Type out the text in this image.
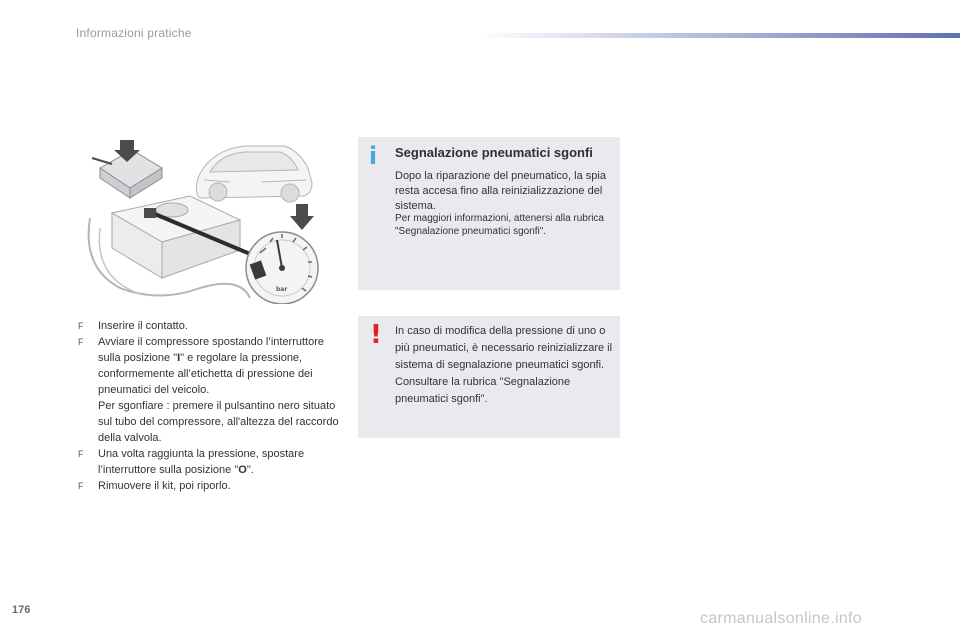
Informazioni pratiche
bar
F Inserire il contatto.
F Avviare il compressore spostando l’interruttore sulla posizione "I" e regolare la pressione, conformemente all’etichetta di pressione dei pneumatici del veicolo.
Per sgonfiare : premere il pulsantino nero situato sul tubo del compressore, all'altezza del raccordo della valvola.
F Una volta raggiunta la pressione, spostare l’interruttore sulla posizione "O".
F Rimuovere il kit, poi riporlo.
i Segnalazione pneumatici sgonfi
Dopo la riparazione del pneumatico, la spia resta accesa fino alla reinizializzazione del sistema.
Per maggiori informazioni, attenersi alla rubrica "Segnalazione pneumatici sgonfi".
! In caso di modifica della pressione di uno o più pneumatici, è necessario reinizializzare il sistema di segnalazione pneumatici sgonfi.
Consultare la rubrica "Segnalazione pneumatici sgonfi".
176	carmanualsonline.info
